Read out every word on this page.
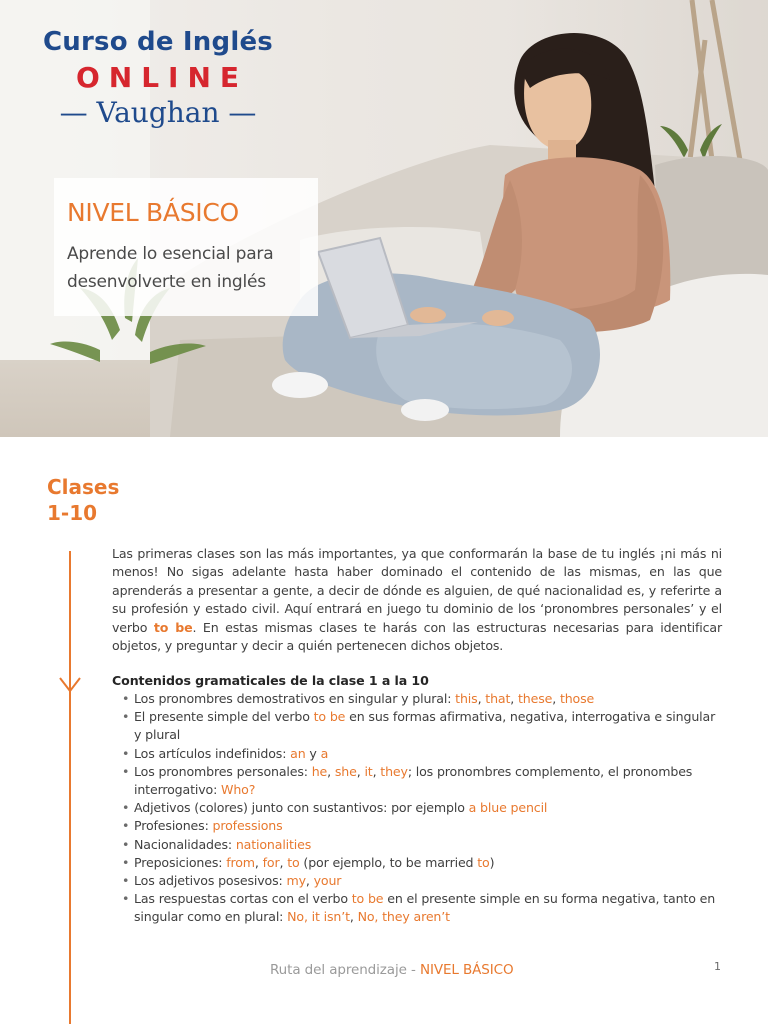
Curso de Inglés
ONLINE
— Vaughan —
NIVEL BÁSICO
Aprende lo esencial para
desenvolverte en inglés
Clases
1-10

Las primeras clases son las más importantes, ya que conformarán la base de tu inglés ¡ni más ni menos! No sigas adelante hasta haber dominado el contenido de las mismas, en las que aprenderás a presentar a gente, a decir de dónde es alguien, de qué nacionalidad es, y referirte a su profesión y estado civil. Aquí entrará en juego tu dominio de los ‘pronombres personales’ y el verbo to be. En estas mismas clases te harás con las estructuras necesarias para identificar objetos, y preguntar y decir a quién pertenecen dichos objetos.

Contenidos gramaticales de la clase 1 a la 10
• Los pronombres demostrativos en singular y plural: this, that, these, those
• El presente simple del verbo to be en sus formas afirmativa, negativa, interrogativa e singular y plural
• Los artículos indefinidos: an y a
• Los pronombres personales: he, she, it, they; los pronombres complemento, el pronombes interrogativo: Who?
• Adjetivos (colores) junto con sustantivos: por ejemplo a blue pencil
• Profesiones: professions
• Nacionalidades: nationalities
• Preposiciones: from, for, to (por ejemplo, to be married to)
• Los adjetivos posesivos: my, your
• Las respuestas cortas con el verbo to be en el presente simple en su forma negativa, tanto en singular como en plural: No, it isn’t, No, they aren’t
Ruta del aprendizaje - NIVEL BÁSICO	1
